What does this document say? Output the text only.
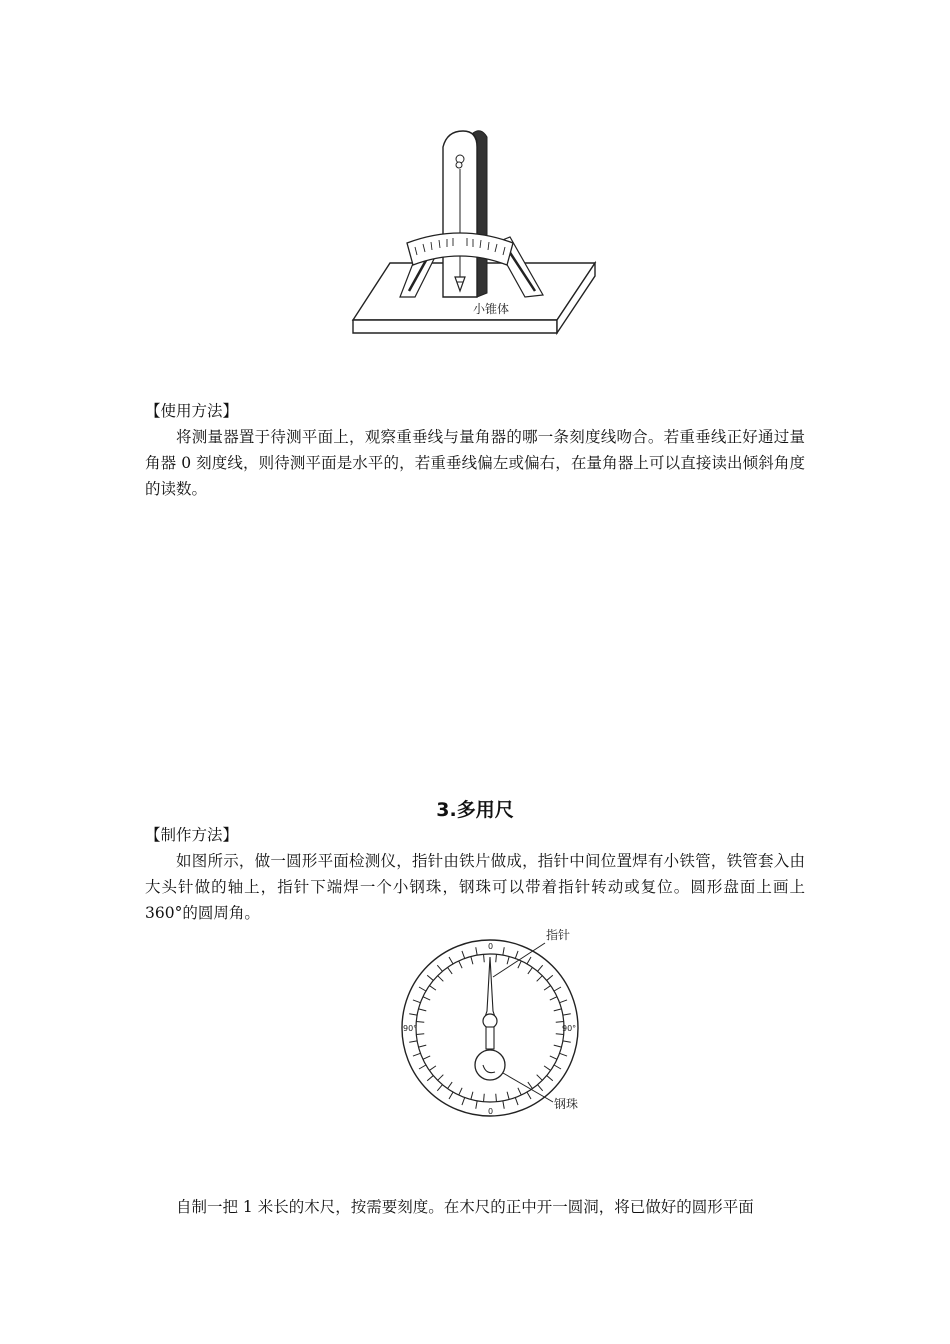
小锥体
【使用方法】
将测量器置于待测平面上，观察重垂线与量角器的哪一条刻度线吻合。若重垂线正好通过量角器 0 刻度线，则待测平面是水平的，若重垂线偏左或偏右，在量角器上可以直接读出倾斜角度的读数。
3.多用尺
【制作方法】
如图所示，做一圆形平面检测仪，指针由铁片做成，指针中间位置焊有小铁管，铁管套入由大头针做的轴上，指针下端焊一个小钢珠，钢珠可以带着指针转动或复位。圆形盘面上画上 360°的圆周角。
0
0
90°	90°
指针
钢珠
自制一把 1 米长的木尺，按需要刻度。在木尺的正中开一圆洞，将已做好的圆形平面
